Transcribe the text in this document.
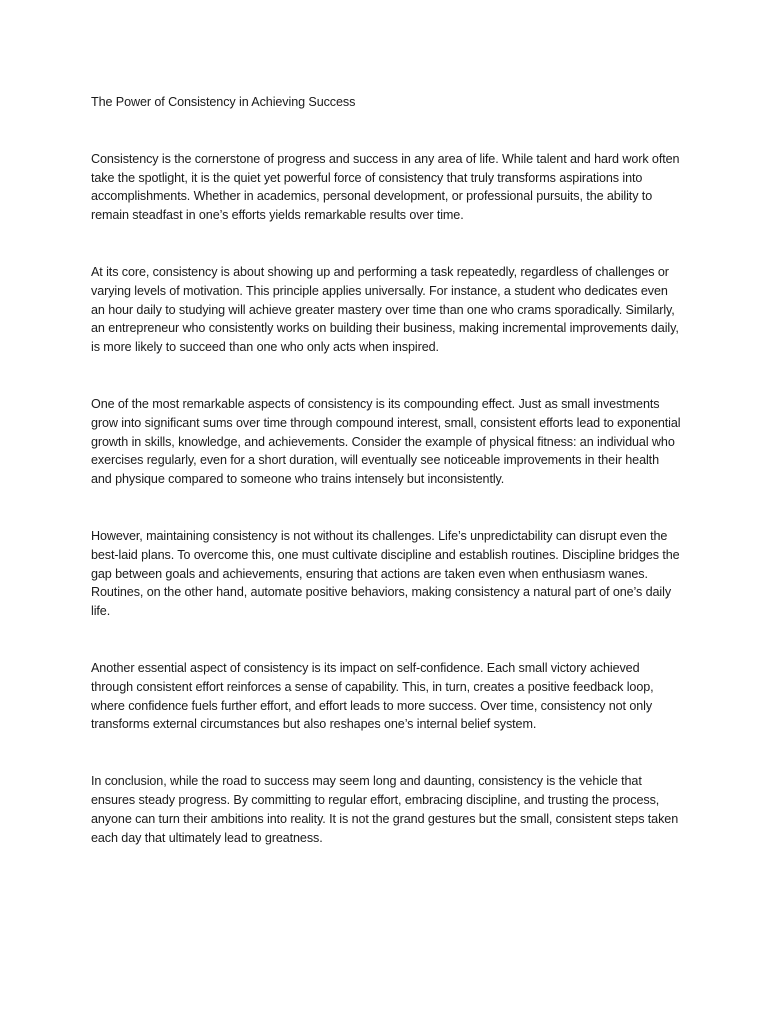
The Power of Consistency in Achieving Success

Consistency is the cornerstone of progress and success in any area of life. While talent and hard work often take the spotlight, it is the quiet yet powerful force of consistency that truly transforms aspirations into accomplishments. Whether in academics, personal development, or professional pursuits, the ability to remain steadfast in one’s efforts yields remarkable results over time.

At its core, consistency is about showing up and performing a task repeatedly, regardless of challenges or varying levels of motivation. This principle applies universally. For instance, a student who dedicates even an hour daily to studying will achieve greater mastery over time than one who crams sporadically. Similarly, an entrepreneur who consistently works on building their business, making incremental improvements daily, is more likely to succeed than one who only acts when inspired.

One of the most remarkable aspects of consistency is its compounding effect. Just as small investments grow into significant sums over time through compound interest, small, consistent efforts lead to exponential growth in skills, knowledge, and achievements. Consider the example of physical fitness: an individual who exercises regularly, even for a short duration, will eventually see noticeable improvements in their health and physique compared to someone who trains intensely but inconsistently.

However, maintaining consistency is not without its challenges. Life’s unpredictability can disrupt even the best-laid plans. To overcome this, one must cultivate discipline and establish routines. Discipline bridges the gap between goals and achievements, ensuring that actions are taken even when enthusiasm wanes. Routines, on the other hand, automate positive behaviors, making consistency a natural part of one’s daily life.

Another essential aspect of consistency is its impact on self-confidence. Each small victory achieved through consistent effort reinforces a sense of capability. This, in turn, creates a positive feedback loop, where confidence fuels further effort, and effort leads to more success. Over time, consistency not only transforms external circumstances but also reshapes one’s internal belief system.

In conclusion, while the road to success may seem long and daunting, consistency is the vehicle that ensures steady progress. By committing to regular effort, embracing discipline, and trusting the process, anyone can turn their ambitions into reality. It is not the grand gestures but the small, consistent steps taken each day that ultimately lead to greatness.
